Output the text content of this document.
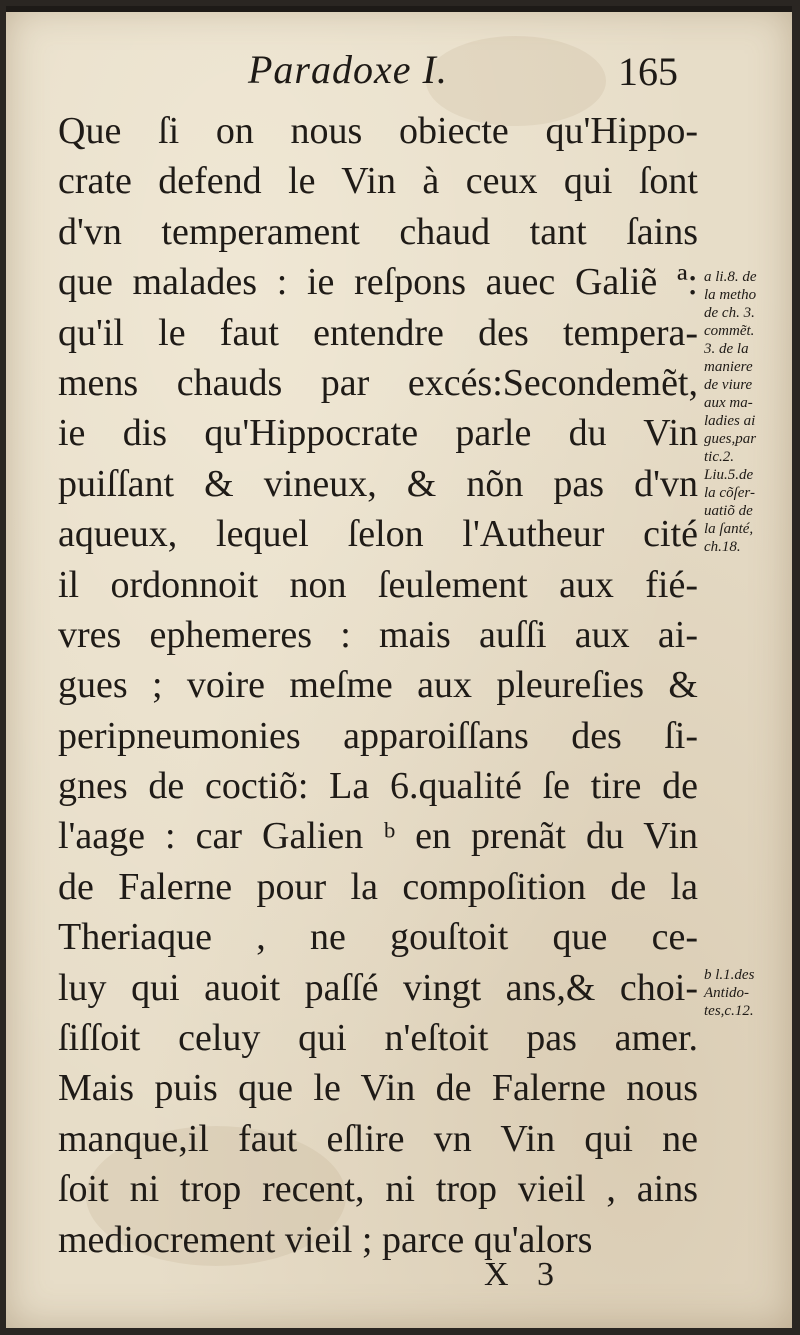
Paradoxe I.	165
Que ſi on nous obiecte qu'Hippo-
crate defend le Vin à ceux qui ſont
d'vn temperament chaud tant ſains
que malades : ie reſpons auec Galiẽ ª:
qu'il le faut entendre des tempera-
mens chauds par excés:Secondemẽt,
ie dis qu'Hippocrate parle du Vin
puiſſant & vineux, & nõn pas d'vn
aqueux, lequel ſelon l'Autheur cité
il ordonnoit non ſeulement aux fié-
vres ephemeres : mais auſſi aux ai-
gues ; voire meſme aux pleureſies &
peripneumonies apparoiſſans des ſi-
gnes de coctiõ: La 6.qualité ſe tire de
l'aage : car Galien ᵇ en prenãt du Vin
de Falerne pour la compoſition de la
Theriaque , ne gouſtoit que ce-
luy qui auoit paſſé vingt ans,& choi-
ſiſſoit celuy qui n'eſtoit pas amer.
Mais puis que le Vin de Falerne nous
manque,il faut eſlire vn Vin qui ne
ſoit ni trop recent, ni trop vieil , ains
mediocrement vieil ; parce qu'alors
a li.8. de
la metho
de ch. 3.
commẽt.
3. de la
maniere
de viure
aux ma-
ladies ai
gues,par
tic.2.
Liu.5.de
la cõſer-
uatiõ de
la ſanté,
ch.18.
b l.1.des
Antido-
tes,c.12.
X 3
